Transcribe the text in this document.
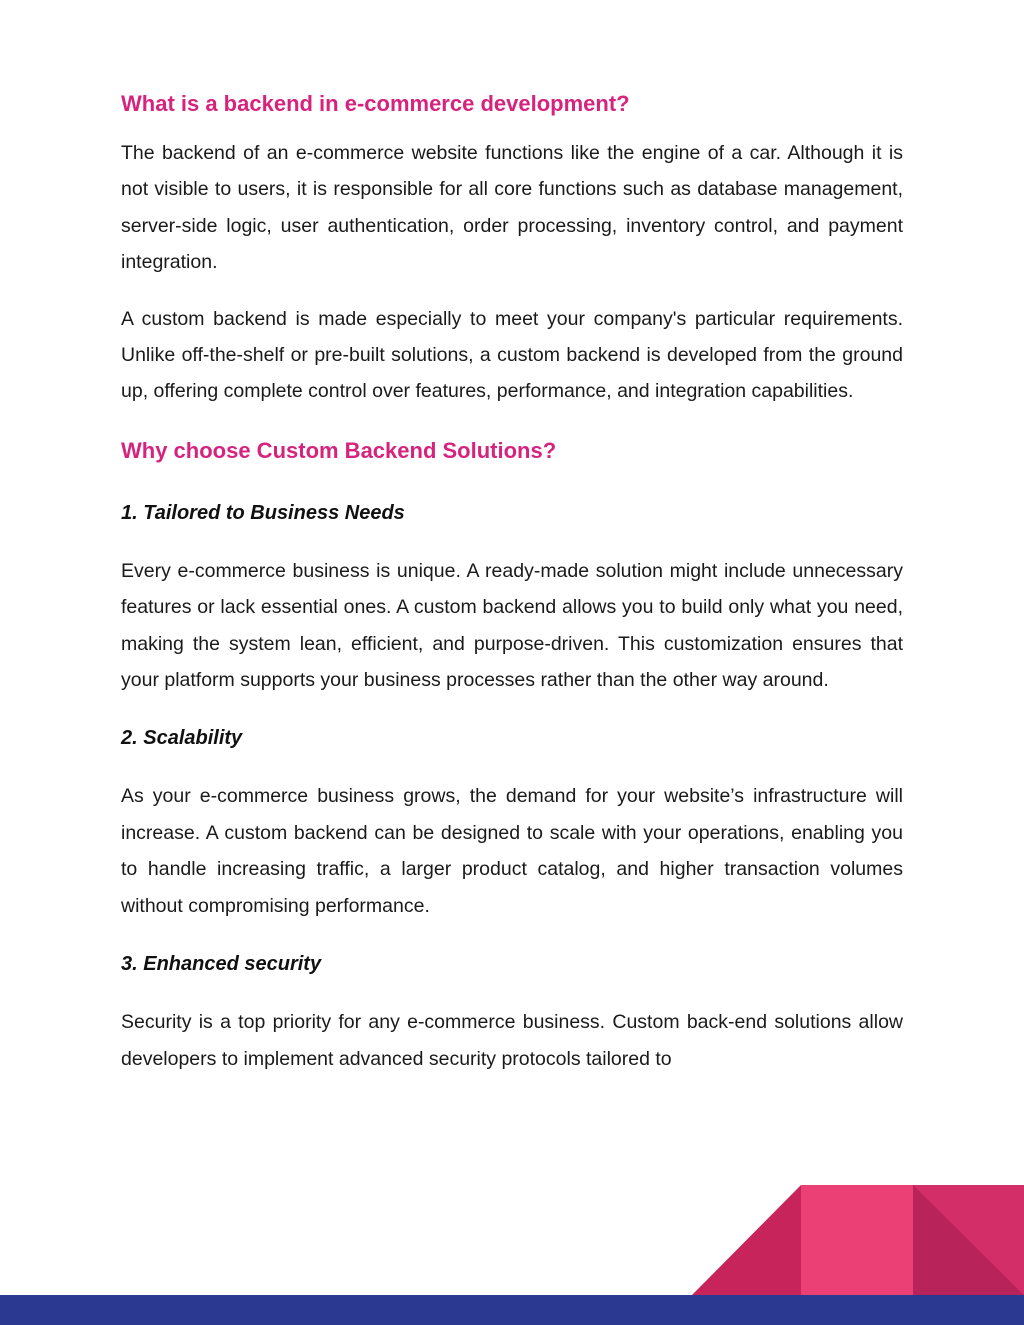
What is a backend in e-commerce development?

The backend of an e-commerce website functions like the engine of a car. Although it is not visible to users, it is responsible for all core functions such as database management, server-side logic, user authentication, order processing, inventory control, and payment integration.

A custom backend is made especially to meet your company's particular requirements. Unlike off-the-shelf or pre-built solutions, a custom backend is developed from the ground up, offering complete control over features, performance, and integration capabilities.

Why choose Custom Backend Solutions?
1. Tailored to Business Needs

Every e-commerce business is unique. A ready-made solution might include unnecessary features or lack essential ones. A custom backend allows you to build only what you need, making the system lean, efficient, and purpose-driven. This customization ensures that your platform supports your business processes rather than the other way around.

2. Scalability

As your e-commerce business grows, the demand for your website’s infrastructure will increase. A custom backend can be designed to scale with your operations, enabling you to handle increasing traffic, a larger product catalog, and higher transaction volumes without compromising performance.

3. Enhanced security

Security is a top priority for any e-commerce business. Custom back-end solutions allow developers to implement advanced security protocols tailored to
